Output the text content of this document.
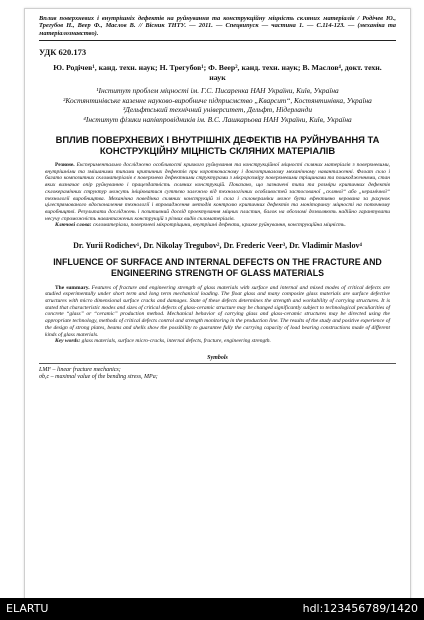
Вплив поверхневих і внутрішніх дефектів на руйнування та конструкційну міцність скляних матеріалів / Родічев Ю., Трегубов Н., Веер Ф., Маслов В. // Вісник ТНТУ. — 2011. — Спецвипуск — частина 1. — С.114-123. — (механіка та матеріалознавство).
УДК 620.173
Ю. Родічев¹, канд. техн. наук; Н. Трегубов¹; Ф. Веер², канд. техн. наук; В. Маслов⁴, докт. техн. наук
¹Інститут проблем міцності ім. Г.С. Писаренка НАН України, Київ, Україна
²Костянтинівське казенне науково-виробниче підприємство „Кварсит“, Костянтинівка, Україна
³Дельфтський технічний університет, Дельфт, Нідерланди
⁴Інститут фізики напівпровідників ім. В.С. Лашкарьова НАН України, Київ, Україна
ВПЛИВ ПОВЕРХНЕВИХ І ВНУТРІШНІХ ДЕФЕКТІВ НА РУЙНУВАННЯ ТА КОНСТРУКЦІЙНУ МІЦНІСТЬ СКЛЯНИХ МАТЕРІАЛІВ
Резюме. Експериментально досліджено особливості крихкого руйнування та конструкційної міцності скляних матеріалів з поверхневими, внутрішніми та змішаними типами критичних дефектів при короткочасному і довготривалому механічному навантаженні. Флоат скло і багато композитних скломатеріалів є поверхнево дефектними структурами з мікророзміру поверхневими тріщинами та пошкодженнями, стан яких визначає опір руйнуванню і працездатність скляних конструкцій. Показано, що зазначені типи та розміри критичних дефектів склокерамічних структур можуть ініціюватися суттєво залежно від технологічних особливостей застосованої „скляної“ або „керамічної“ технології виробництва. Механічна поведінка скляних конструкцій зі скла і склокераміки може бути ефективно керована за рахунок цілеспрямованого вдосконалення технології і впровадження методів контролю критичних дефектів та моніторингу міцності на поточному виробництві. Результати досліджень і позитивний досвід проектування міцних пластин, балок на обозломі дозволяють надійно гарантувати несучу спроможність навантажених конструкцій з різних видів скломатеріалів.
Ключові слова: скломатеріали, поверхневі мікротріщини, внутрішні дефекти, крихке руйнування, конструкційна міцність.
Dr. Yurii Rodichev¹, Dr. Nikolay Tregubov², Dr. Frederic Veer³, Dr. Vladimir Maslov⁴
INFLUENCE OF SURFACE AND INTERNAL DEFECTS ON THE FRACTURE AND ENGINEERING STRENGTH OF GLASS MATERIALS
The summary. Features of fracture and engineering strength of glass materials with surface and internal and mixed modes of critical defects are studied experimentally under short term and long term mechanical loading. The float glass and many composite glass materials are surface defective structures with micro dimensional surface cracks and damages. State of these defects determines the strength and workability of carrying structures. It is stated that characteristic modes and sizes of critical defects of glass-ceramic structure may be changed significantly subject to technological peculiarities of concrete “glass” or “ceramic” production method. Mechanical behavior of carrying glass and glass-ceramic structures may be directed using the appropriate technology, methods of critical defects control and strength monitoring in the production line. The results of the study and positive experience of the design of strong plates, beams and shells show the possibility to guarantee fully the carrying capacity of load bearing constructions made of different kinds of glass materials.
Key words: glass materials, surface micro-cracks, internal defects, fracture, engineering strength.
Symbols
LMF – linear fracture mechanics;
σb,с – maximal value of the bending stress, MPa;
ELARTU	hdl:123456789/1420
